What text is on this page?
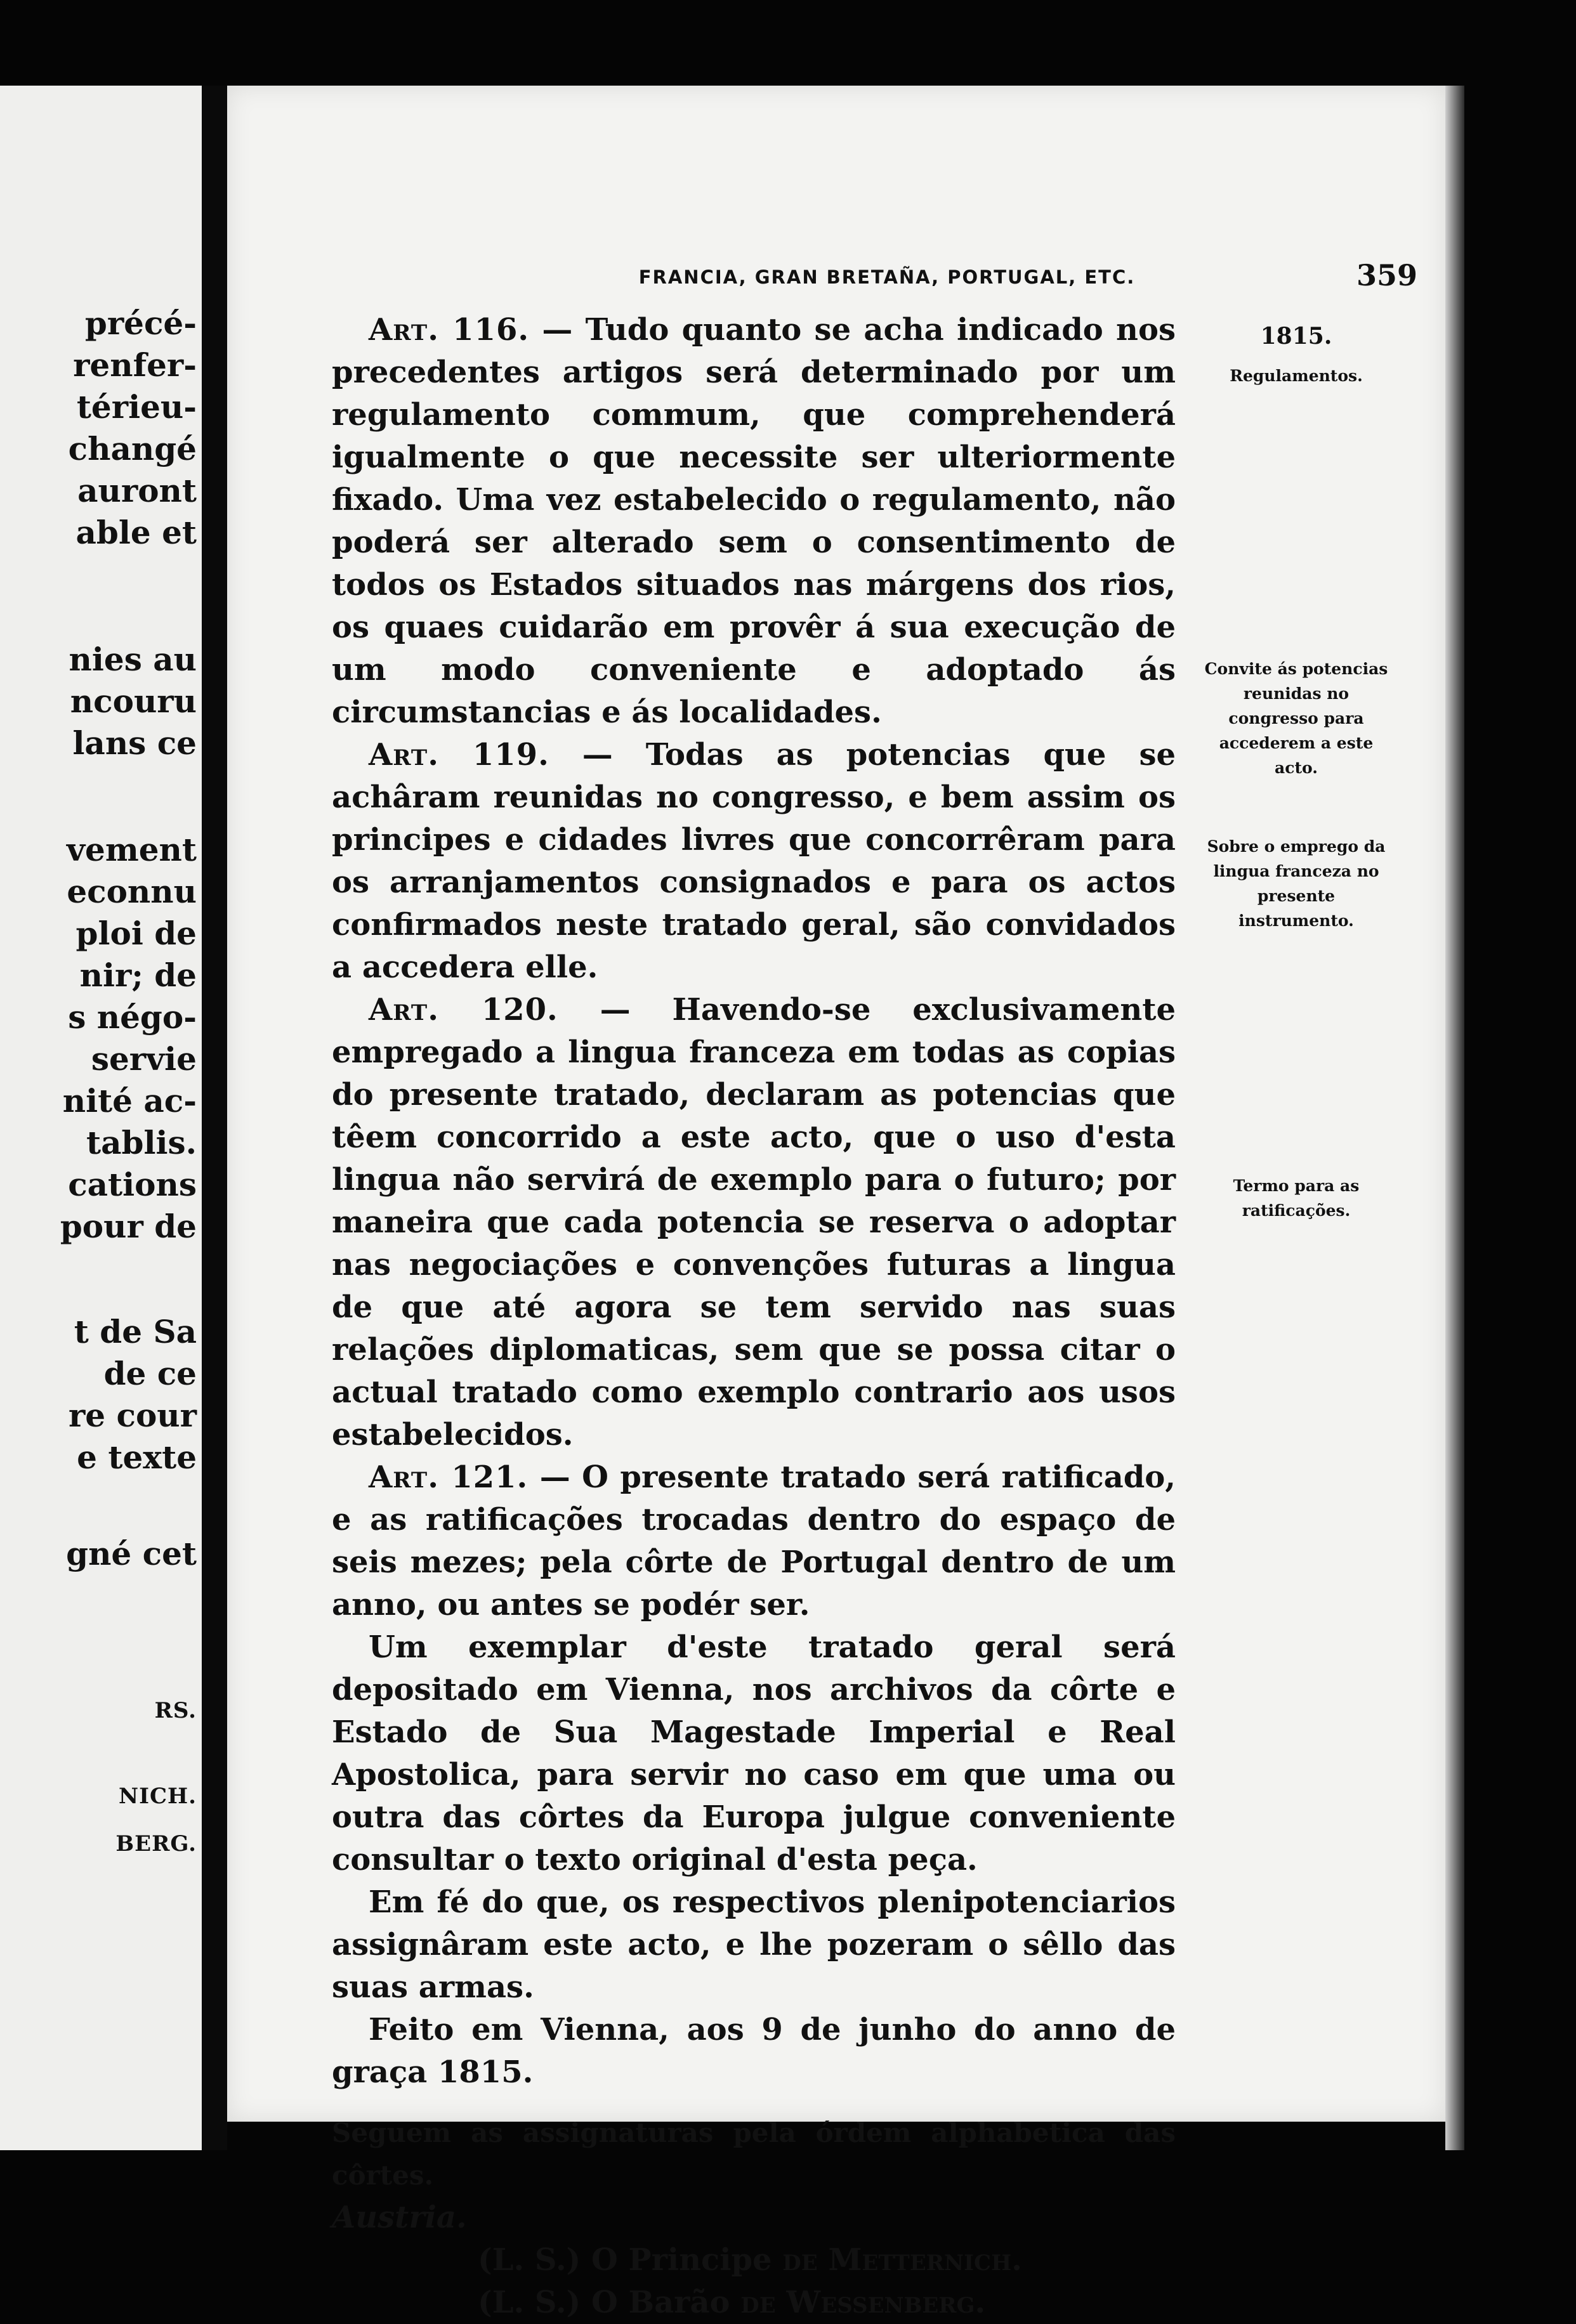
précé-

renfer-

térieu-

changé

auront

able et

nies au

ncouru

lans ce

vement

econnu

ploi de

nir; de

s négo-

servie

nité ac-

tablis.

cations

pour de

t de Sa

de ce

re cour

e texte

gné cet

RS.

NICH.

BERG.

FRANCIA, GRAN BRETAÑA, PORTUGAL, ETC.	359

Art. 116. — Tudo quanto se acha indicado nos precedentes artigos será determinado por um regulamento commum, que comprehenderá igualmente o que necessite ser ulteriormente fixado. Uma vez estabelecido o regulamento, não poderá ser alterado sem o consentimento de todos os Estados situados nas márgens dos rios, os quaes cuidarão em provêr á sua execução de um modo conveniente e adoptado ás circumstancias e ás localidades.

Art. 119. — Todas as potencias que se achâram reunidas no congresso, e bem assim os principes e cidades livres que concorrêram para os arranjamentos consignados e para os actos confirmados neste tratado geral, são convidados a accedera elle.

Art. 120. — Havendo-se exclusivamente empregado a lingua franceza em todas as copias do presente tratado, declaram as potencias que têem concorrido a este acto, que o uso d'esta lingua não servirá de exemplo para o futuro; por maneira que cada potencia se reserva o adoptar nas negociações e convenções futuras a lingua de que até agora se tem servido nas suas relações diplomaticas, sem que se possa citar o actual tratado como exemplo contrario aos usos estabelecidos.

Art. 121. — O presente tratado será ratificado, e as ratificações trocadas dentro do espaço de seis mezes; pela côrte de Portugal dentro de um anno, ou antes se podér ser.

Um exemplar d'este tratado geral será depositado em Vienna, nos archivos da côrte e Estado de Sua Magestade Imperial e Real Apostolica, para servir no caso em que uma ou outra das côrtes da Europa julgue conveniente consultar o texto original d'esta peça.

Em fé do que, os respectivos plenipotenciarios assignâram este acto, e lhe pozeram o sêllo das suas armas.

Feito em Vienna, aos 9 de junho do anno de graça 1815.

Seguem as assignaturas pela órdem alphabetica das côrtes.

Austria.

(L. S.) O Principe de Metternich.

(L. S.) O Barão de Wessenberg.

1815.

Regulamentos.

Convite ás potencias reunidas no congresso para accederem a este acto.

Sobre o emprego da lingua franceza no presente instrumento.

Termo para as ratificações.
